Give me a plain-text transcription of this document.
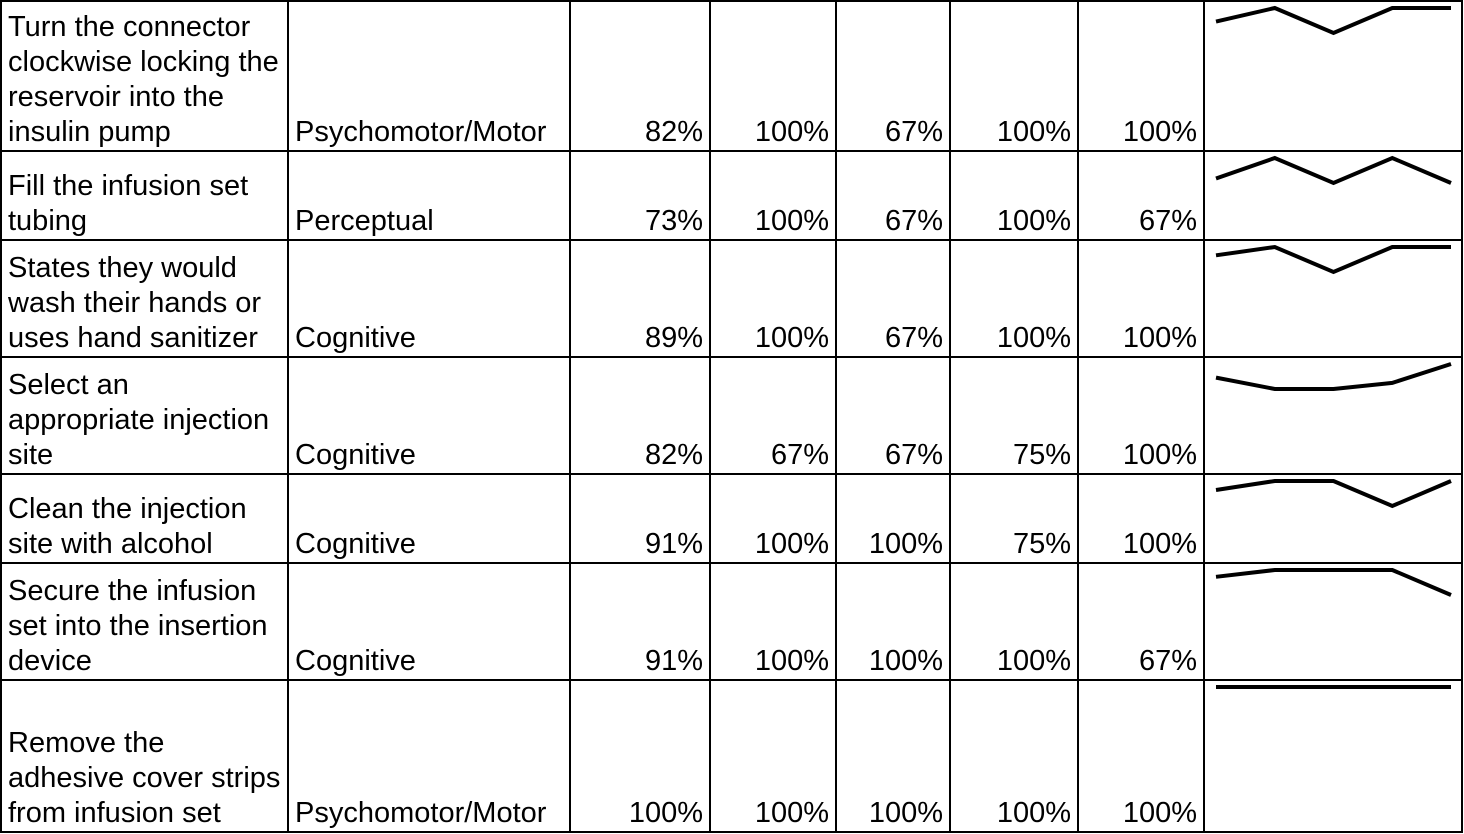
Turn the connector clockwise locking the reservoir into the insulin pump	Psychomotor/Motor	82%	100%	67%	100%	100%	

Fill the infusion set tubing	Perceptual	73%	100%	67%	100%	67%	

States they would wash their hands or uses hand sanitizer	Cognitive	89%	100%	67%	100%	100%	

Select an appropriate injection site	Cognitive	82%	67%	67%	75%	100%	

Clean the injection site with alcohol	Cognitive	91%	100%	100%	75%	100%	

Secure the infusion set into the insertion device	Cognitive	91%	100%	100%	100%	67%	

Remove the adhesive cover strips from infusion set	Psychomotor/Motor	100%	100%	100%	100%	100%	
